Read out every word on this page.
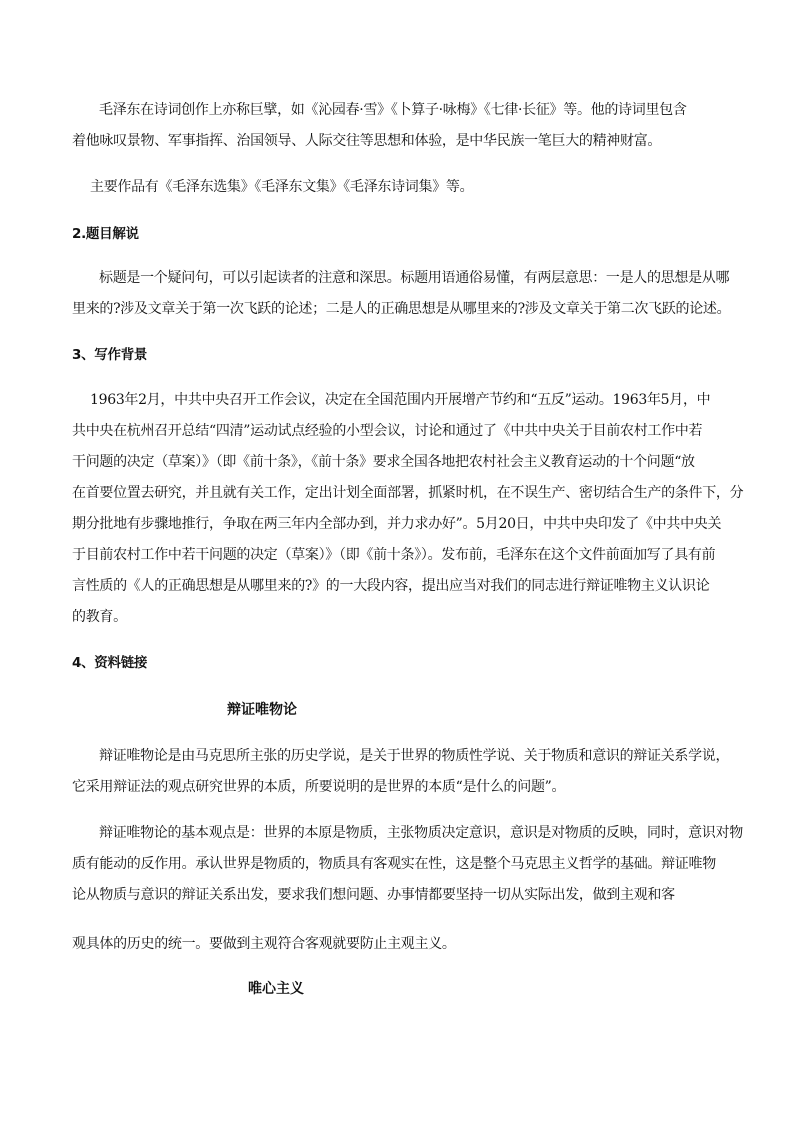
毛泽东在诗词创作上亦称巨擘，如《沁园春·雪》《卜算子·咏梅》《七律·长征》等。他的诗词里包含
着他咏叹景物、军事指挥、治国领导、人际交往等思想和体验，是中华民族一笔巨大的精神财富。
主要作品有《毛泽东选集》《毛泽东文集》《毛泽东诗词集》等。
2.题目解说
标题是一个疑问句，可以引起读者的注意和深思。标题用语通俗易懂，有两层意思：一是人的思想是从哪
里来的?涉及文章关于第一次飞跃的论述；二是人的正确思想是从哪里来的?涉及文章关于第二次飞跃的论述。
3、写作背景
1963年2月，中共中央召开工作会议，决定在全国范围内开展增产节约和“五反”运动。1963年5月，中
共中央在杭州召开总结“四清”运动试点经验的小型会议，讨论和通过了《中共中央关于目前农村工作中若
干问题的决定（草案）》（即《前十条》，《前十条》要求全国各地把农村社会主义教育运动的十个问题“放
在首要位置去研究，并且就有关工作，定出计划全面部署，抓紧时机，在不误生产、密切结合生产的条件下，分
期分批地有步骤地推行，争取在两三年内全部办到，并力求办好”。5月20日，中共中央印发了《中共中央关
于目前农村工作中若干问题的决定（草案）》（即《前十条》）。发布前，毛泽东在这个文件前面加写了具有前
言性质的《人的正确思想是从哪里来的?》的一大段内容，提出应当对我们的同志进行辩证唯物主义认识论
的教育。
4、资料链接
辩证唯物论
辩证唯物论是由马克思所主张的历史学说，是关于世界的物质性学说、关于物质和意识的辩证关系学说，
它采用辩证法的观点研究世界的本质，所要说明的是世界的本质“是什么的问题”。
辩证唯物论的基本观点是：世界的本原是物质，主张物质决定意识，意识是对物质的反映，同时，意识对物
质有能动的反作用。承认世界是物质的，物质具有客观实在性，这是整个马克思主义哲学的基础。辩证唯物
论从物质与意识的辩证关系出发，要求我们想问题、办事情都要坚持一切从实际出发，做到主观和客
观具体的历史的统一。要做到主观符合客观就要防止主观主义。
唯心主义
